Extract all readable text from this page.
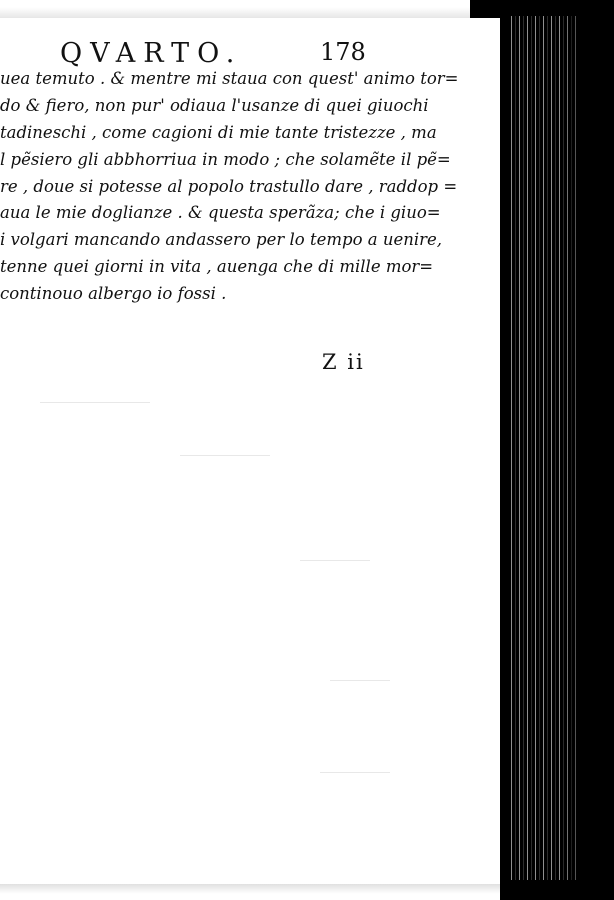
QVARTO.	178
uea temuto . & mentre mi staua con quest' animo tor=
do & fiero, non pur' odiaua l'usanze di quei giuochi
tadineschi , come cagioni di mie tante tristezze , ma
l pẽsiero gli abbhorriua in modo ; che solamẽte il pẽ=
re , doue si potesse al popolo trastullo dare , raddop =
aua le mie doglianze . & questa sperãza; che i giuo=
i volgari mancando andassero per lo tempo a uenire,
tenne quei giorni in vita , auenga che di mille mor=
continouo albergo io fossi .
Z ii
